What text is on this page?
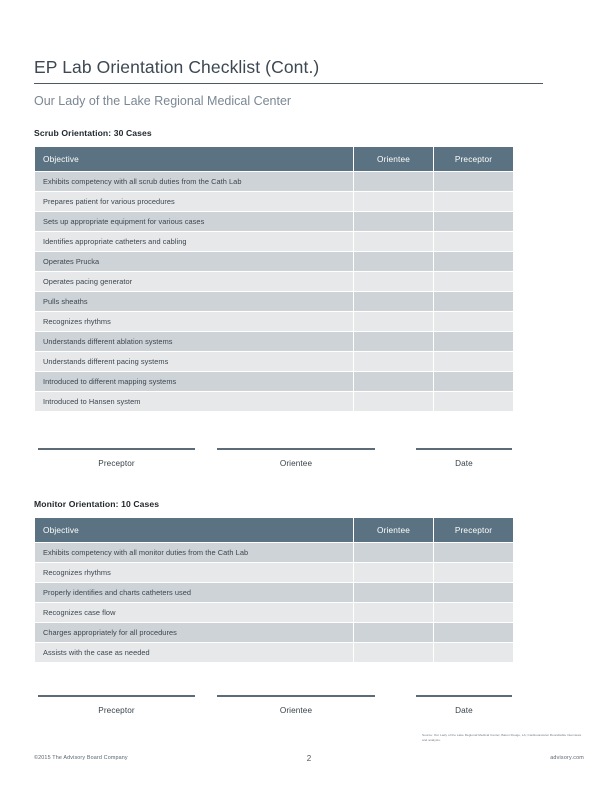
EP Lab Orientation Checklist (Cont.)
Our Lady of the Lake Regional Medical Center
Scrub Orientation: 30 Cases
Objective	Orientee	Preceptor
Exhibits competency with all scrub duties from the Cath Lab		
Prepares patient for various procedures		
Sets up appropriate equipment for various cases		
Identifies appropriate catheters and cabling		
Operates Prucka		
Operates pacing generator		
Pulls sheaths		
Recognizes rhythms		
Understands different ablation systems		
Understands different pacing systems		
Introduced to different mapping systems		
Introduced to Hansen system		
Preceptor	Orientee	Date
Monitor Orientation: 10 Cases
Objective	Orientee	Preceptor
Exhibits competency with all monitor duties from the Cath Lab		
Recognizes rhythms		
Properly identifies and charts catheters used		
Recognizes case flow		
Charges appropriately for all procedures		
Assists with the case as needed		
Preceptor	Orientee	Date
Source: Our Lady of the Lake Regional Medical Center, Baton Rouge, LA; Cardiovascular Roundtable interviews and analysis.
©2015 The Advisory Board Company	2	advisory.com
